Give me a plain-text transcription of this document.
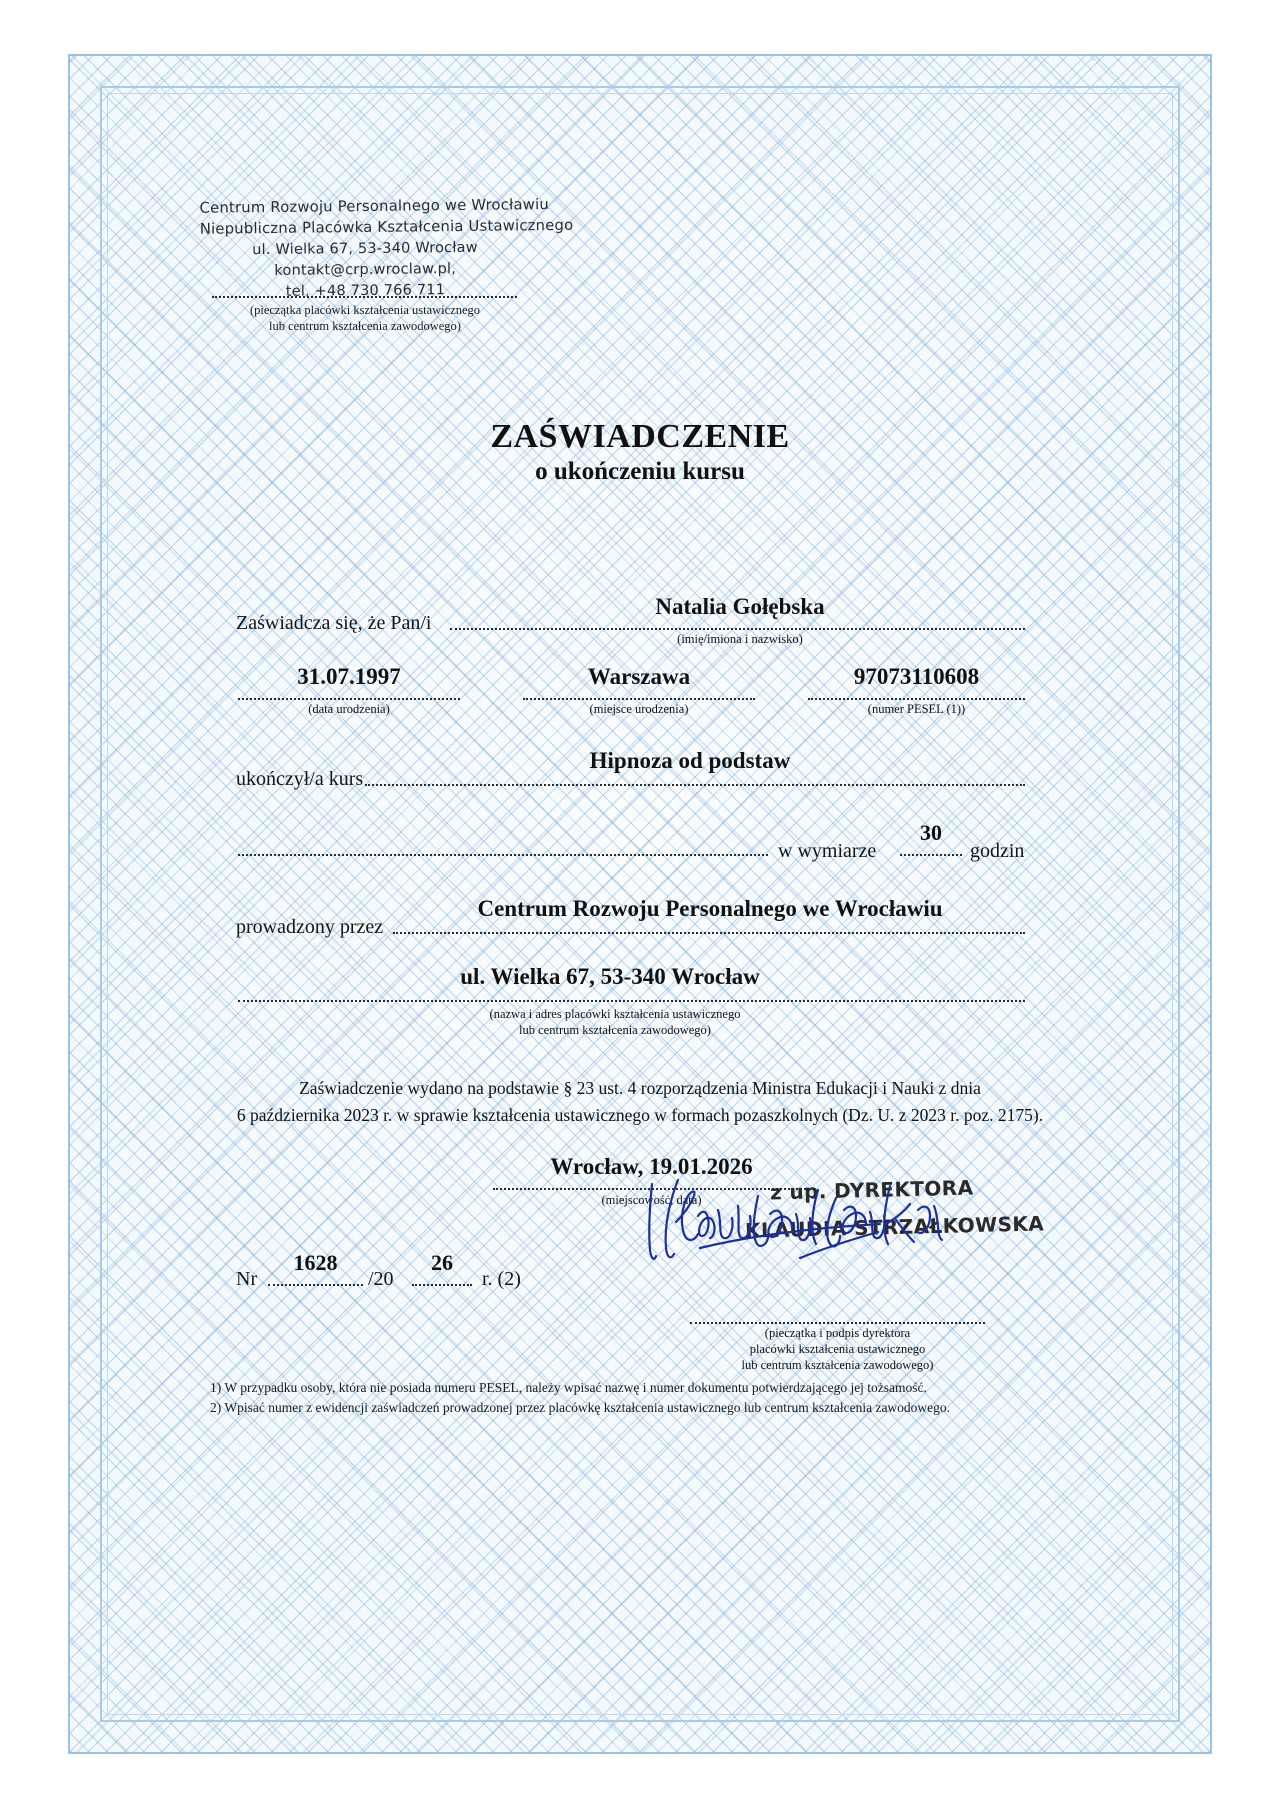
Centrum Rozwoju Personalnego we Wrocławiu
Niepubliczna Placówka Kształcenia Ustawicznego
ul. Wielka 67, 53-340 Wrocław
kontakt@crp.wroclaw.pl,
tel. +48 730 766 711
(pieczątka placówki kształcenia ustawicznego
lub centrum kształcenia zawodowego)
ZAŚWIADCZENIE
o ukończeniu kursu
Zaświadcza się, że Pan/i
Natalia Gołębska
(imię/imiona i nazwisko)
31.07.1997
(data urodzenia)
Warszawa
(miejsce urodzenia)
97073110608
(numer PESEL (1))
ukończył/a kurs
Hipnoza od podstaw
w wymiarze
30
godzin
prowadzony przez
Centrum Rozwoju Personalnego we Wrocławiu
ul. Wielka 67, 53-340 Wrocław
(nazwa i adres placówki kształcenia ustawicznego
lub centrum kształcenia zawodowego)
Zaświadczenie wydano na podstawie § 23 ust. 4 rozporządzenia Ministra Edukacji i Nauki z dnia
6 października 2023 r. w sprawie kształcenia ustawicznego w formach pozaszkolnych (Dz. U. z 2023 r. poz. 2175).
Wrocław, 19.01.2026
(miejscowość, data)
Nr
1628
/20
26
r. (2)
z up. DYREKTORA
KLAUDIA STRZAŁKOWSKA
(pieczątka i podpis dyrektora
placówki kształcenia ustawicznego
lub centrum kształcenia zawodowego)
1) W przypadku osoby, która nie posiada numeru PESEL, należy wpisać nazwę i numer dokumentu potwierdzającego jej tożsamość.
2) Wpisać numer z ewidencji zaświadczeń prowadzonej przez placówkę kształcenia ustawicznego lub centrum kształcenia zawodowego.
